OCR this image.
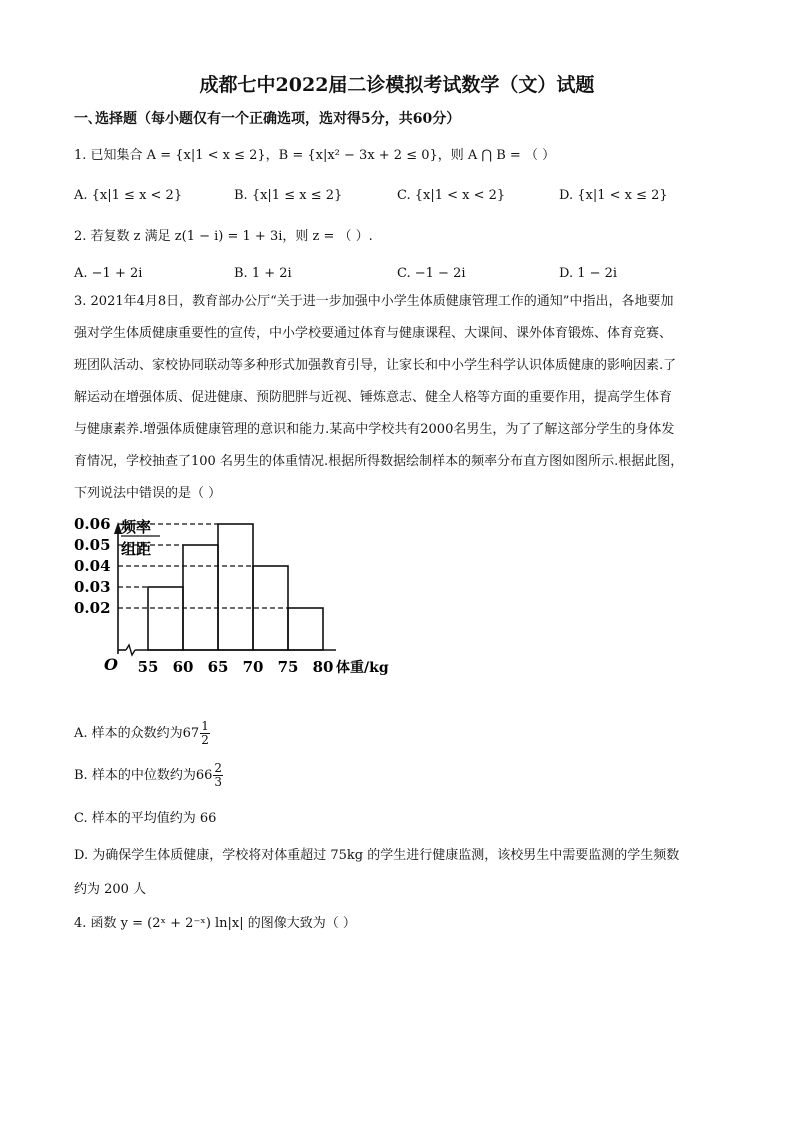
成都七中2022届二诊模拟考试数学（文）试题
一､选择题（每小题仅有一个正确选项，选对得5分，共60分）
1. 已知集合 A = {x|1 < x ≤ 2}，B = {x|x² − 3x + 2 ≤ 0}，则 A ⋂ B = （ ）
A. {x|1 ≤ x < 2}	B. {x|1 ≤ x ≤ 2}	C. {x|1 < x < 2}	D. {x|1 < x ≤ 2}
2. 若复数 z 满足 z(1 − i) = 1 + 3i，则 z = （ ）.
A. −1 + 2i	B. 1 + 2i	C. −1 − 2i	D. 1 − 2i
3. 2021年4月8日，教育部办公厅“关于进一步加强中小学生体质健康管理工作的通知”中指出，各地要加
强对学生体质健康重要性的宣传，中小学校要通过体育与健康课程、大课间、课外体育锻炼、体育竞赛、
班团队活动、家校协同联动等多种形式加强教育引导，让家长和中小学生科学认识体质健康的影响因素.了
解运动在增强体质、促进健康、预防肥胖与近视、锤炼意志、健全人格等方面的重要作用，提高学生体育
与健康素养.增强体质健康管理的意识和能力.某高中学校共有2000名男生，为了了解这部分学生的身体发
育情况，学校抽查了100 名男生的体重情况.根据所得数据绘制样本的频率分布直方图如图所示.根据此图，
下列说法中错误的是（ ）
频率
组距
0.02
0.03
0.04
0.05
0.06
55 60 65 70 75 80 体重/kg
O
A. 样本的众数约为$67 \frac{1}{2}$
B. 样本的中位数约为$66 \frac{2}{3}$
C. 样本的平均值约为 66
D. 为确保学生体质健康，学校将对体重超过 75kg 的学生进行健康监测，该校男生中需要监测的学生频数
约为 200 人
4. 函数 y = (2ˣ + 2⁻ˣ) ln|x| 的图像大致为（ ）
